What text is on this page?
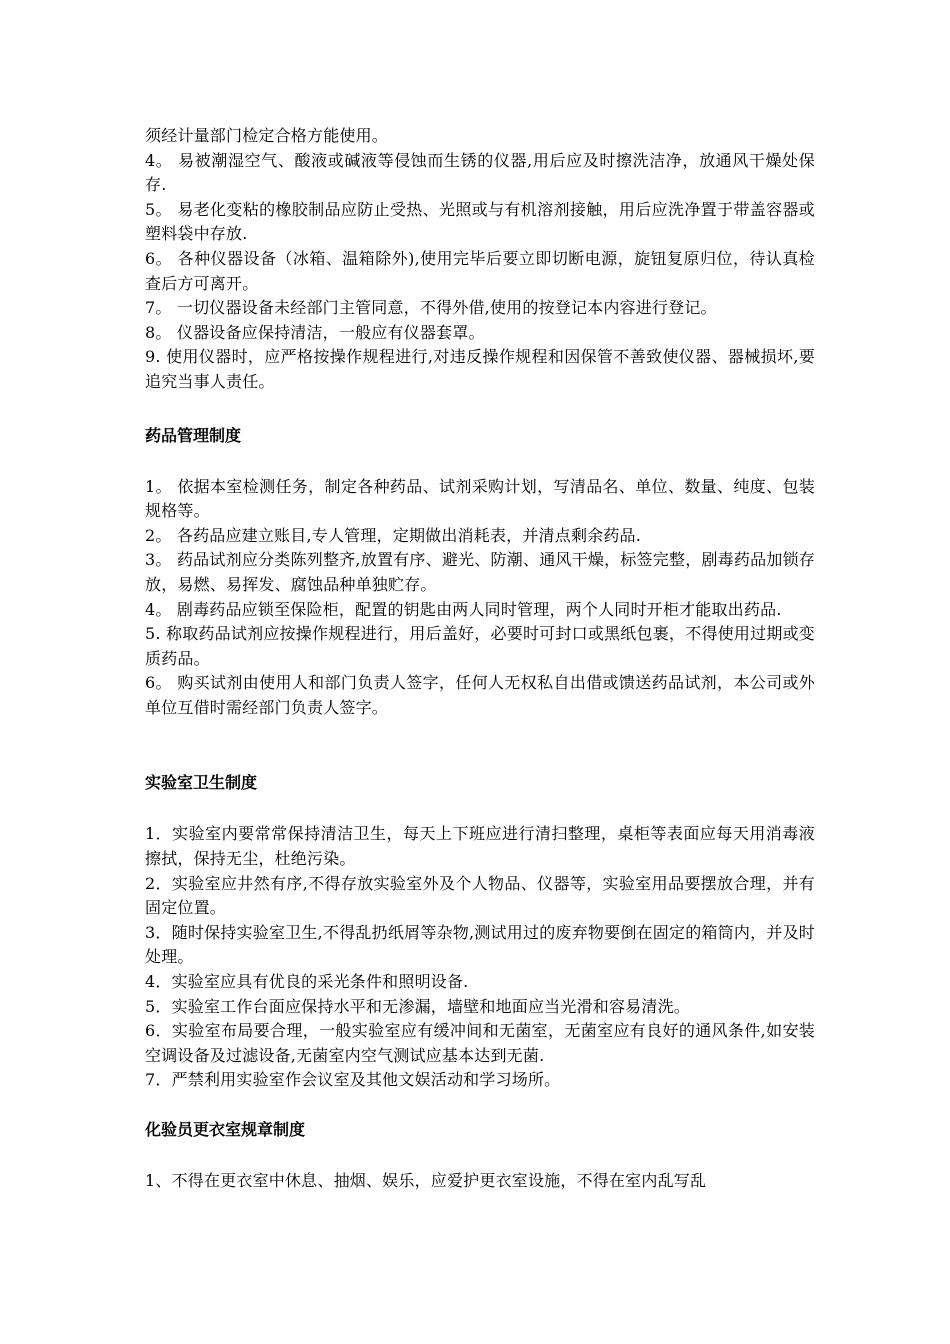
须经计量部门检定合格方能使用。

4。 易被潮湿空气、酸液或碱液等侵蚀而生锈的仪器,用后应及时擦洗洁净，放通风干燥处保存.

5。 易老化变粘的橡胶制品应防止受热、光照或与有机溶剂接触，用后应洗净置于带盖容器或塑料袋中存放.

6。 各种仪器设备（冰箱、温箱除外),使用完毕后要立即切断电源，旋钮复原归位，待认真检查后方可离开。

7。 一切仪器设备未经部门主管同意，不得外借,使用的按登记本内容进行登记。

8。 仪器设备应保持清洁，一般应有仪器套罩。

9. 使用仪器时，应严格按操作规程进行,对违反操作规程和因保管不善致使仪器、器械损坏,要追究当事人责任。

药品管理制度

1。 依据本室检测任务，制定各种药品、试剂采购计划，写清品名、单位、数量、纯度、包装规格等。

2。 各药品应建立账目,专人管理，定期做出消耗表，并清点剩余药品.

3。 药品试剂应分类陈列整齐,放置有序、避光、防潮、通风干燥，标签完整，剧毒药品加锁存放，易燃、易挥发、腐蚀品种单独贮存。

4。 剧毒药品应锁至保险柜，配置的钥匙由两人同时管理，两个人同时开柜才能取出药品.

5. 称取药品试剂应按操作规程进行，用后盖好，必要时可封口或黑纸包裹，不得使用过期或变质药品。

6。 购买试剂由使用人和部门负责人签字，任何人无权私自出借或馈送药品试剂，本公司或外单位互借时需经部门负责人签字。

实验室卫生制度

1．实验室内要常常保持清洁卫生，每天上下班应进行清扫整理，桌柜等表面应每天用消毒液擦拭，保持无尘，杜绝污染。

2．实验室应井然有序,不得存放实验室外及个人物品、仪器等，实验室用品要摆放合理，并有固定位置。

3．随时保持实验室卫生,不得乱扔纸屑等杂物,测试用过的废弃物要倒在固定的箱筒内，并及时处理。

4．实验室应具有优良的采光条件和照明设备.

5．实验室工作台面应保持水平和无渗漏，墙壁和地面应当光滑和容易清洗。

6．实验室布局要合理，一般实验室应有缓冲间和无菌室，无菌室应有良好的通风条件,如安装空调设备及过滤设备,无菌室内空气测试应基本达到无菌.

7．严禁利用实验室作会议室及其他文娱活动和学习场所。

化验员更衣室规章制度

1、不得在更衣室中休息、抽烟、娱乐，应爱护更衣室设施，不得在室内乱写乱
